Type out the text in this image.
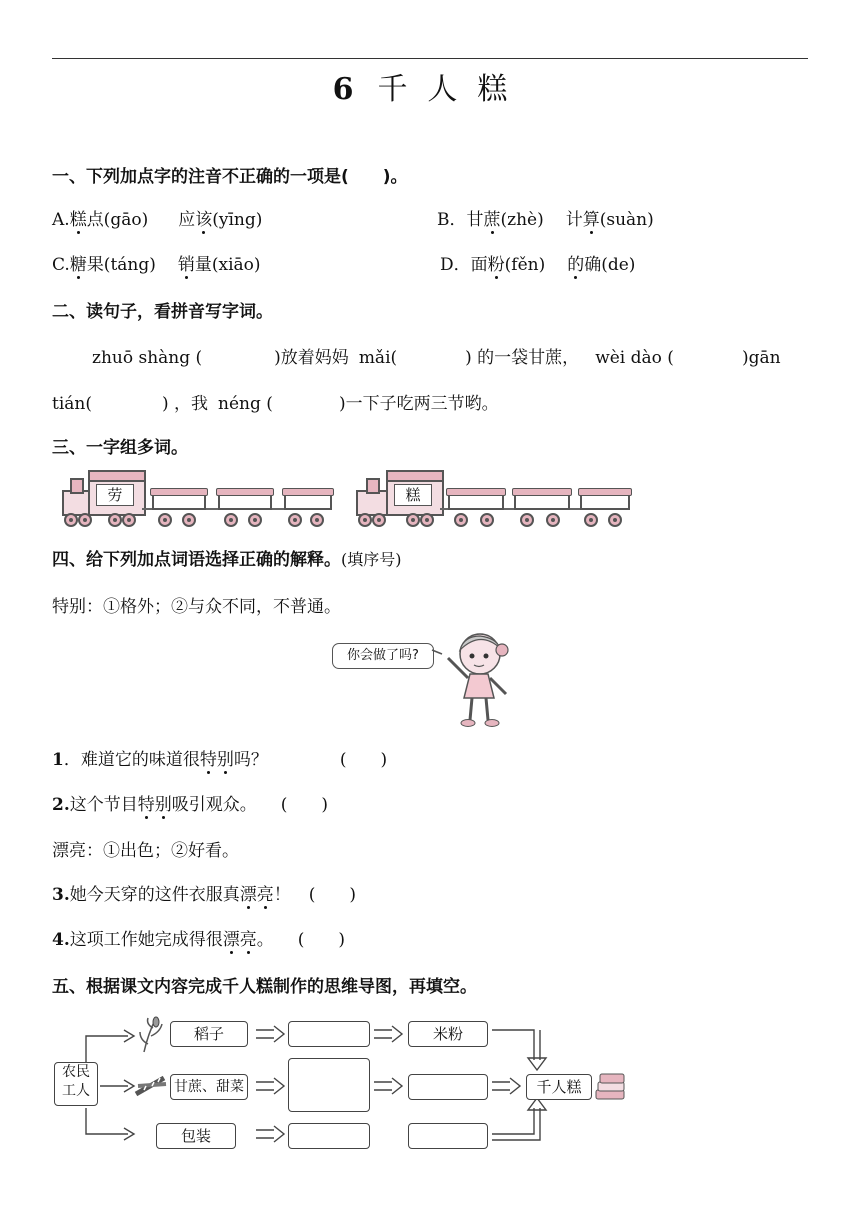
6 千人糕
一、下列加点字的注音不正确的一项是(　　)。
A.糕点(gāo) 应该(yīng)	B．甘蔗(zhè) 计算(suàn)
C.糖果(táng) 销量(xiāo)	D．面粉(fěn) 的确(de)
二、读句子，看拼音写字词。
zhuō shàng (	)放着妈妈 mǎi(	) 的一袋甘蔗， wèi dào (	)gān
tián(	) ，我 néng (	)一下子吃两三节哟。
三、一字组多词。
劳	糕
四、给下列加点词语选择正确的解释。(填序号)
特别：①格外；②与众不同，不普通。
你会做了吗?
1．难道它的味道很特别吗？	(　　)
2.这个节目特别吸引观众。 (　　)
漂亮：①出色；②好看。
3.她今天穿的这件衣服真漂亮！ (　　)
4.这项工作她完成得很漂亮。 (　　)
五、根据课文内容完成千人糕制作的思维导图，再填空。
农民
工人
稻子	米粉
甘蔗、甜菜	千人糕
包装
